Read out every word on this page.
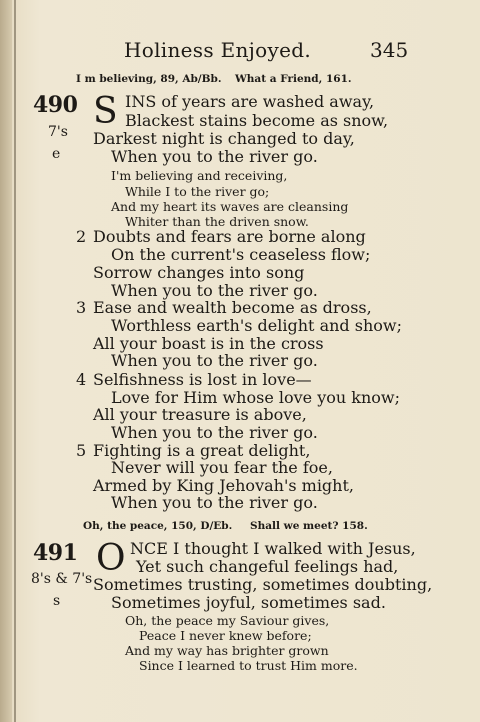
Holiness Enjoyed.	345
I m believing, 89, Ab/Bb. What a Friend, 161.
490
7's
e
S INS of years are washed away,
Blackest stains become as snow,
Darkest night is changed to day,
When you to the river go.
I'm believing and receiving,
While I to the river go;
And my heart its waves are cleansing
Whiter than the driven snow.
2 Doubts and fears are borne along
On the current's ceaseless flow;
Sorrow changes into song
When you to the river go.
3 Ease and wealth become as dross,
Worthless earth's delight and show;
All your boast is in the cross
When you to the river go.
4 Selfishness is lost in love—
Love for Him whose love you know;
All your treasure is above,
When you to the river go.
5 Fighting is a great delight,
Never will you fear the foe,
Armed by King Jehovah's might,
When you to the river go.
Oh, the peace, 150, D/Eb. Shall we meet? 158.
491
8's & 7's
s
O NCE I thought I walked with Jesus,
Yet such changeful feelings had,
Sometimes trusting, sometimes doubting,
Sometimes joyful, sometimes sad.
Oh, the peace my Saviour gives,
Peace I never knew before;
And my way has brighter grown
Since I learned to trust Him more.
